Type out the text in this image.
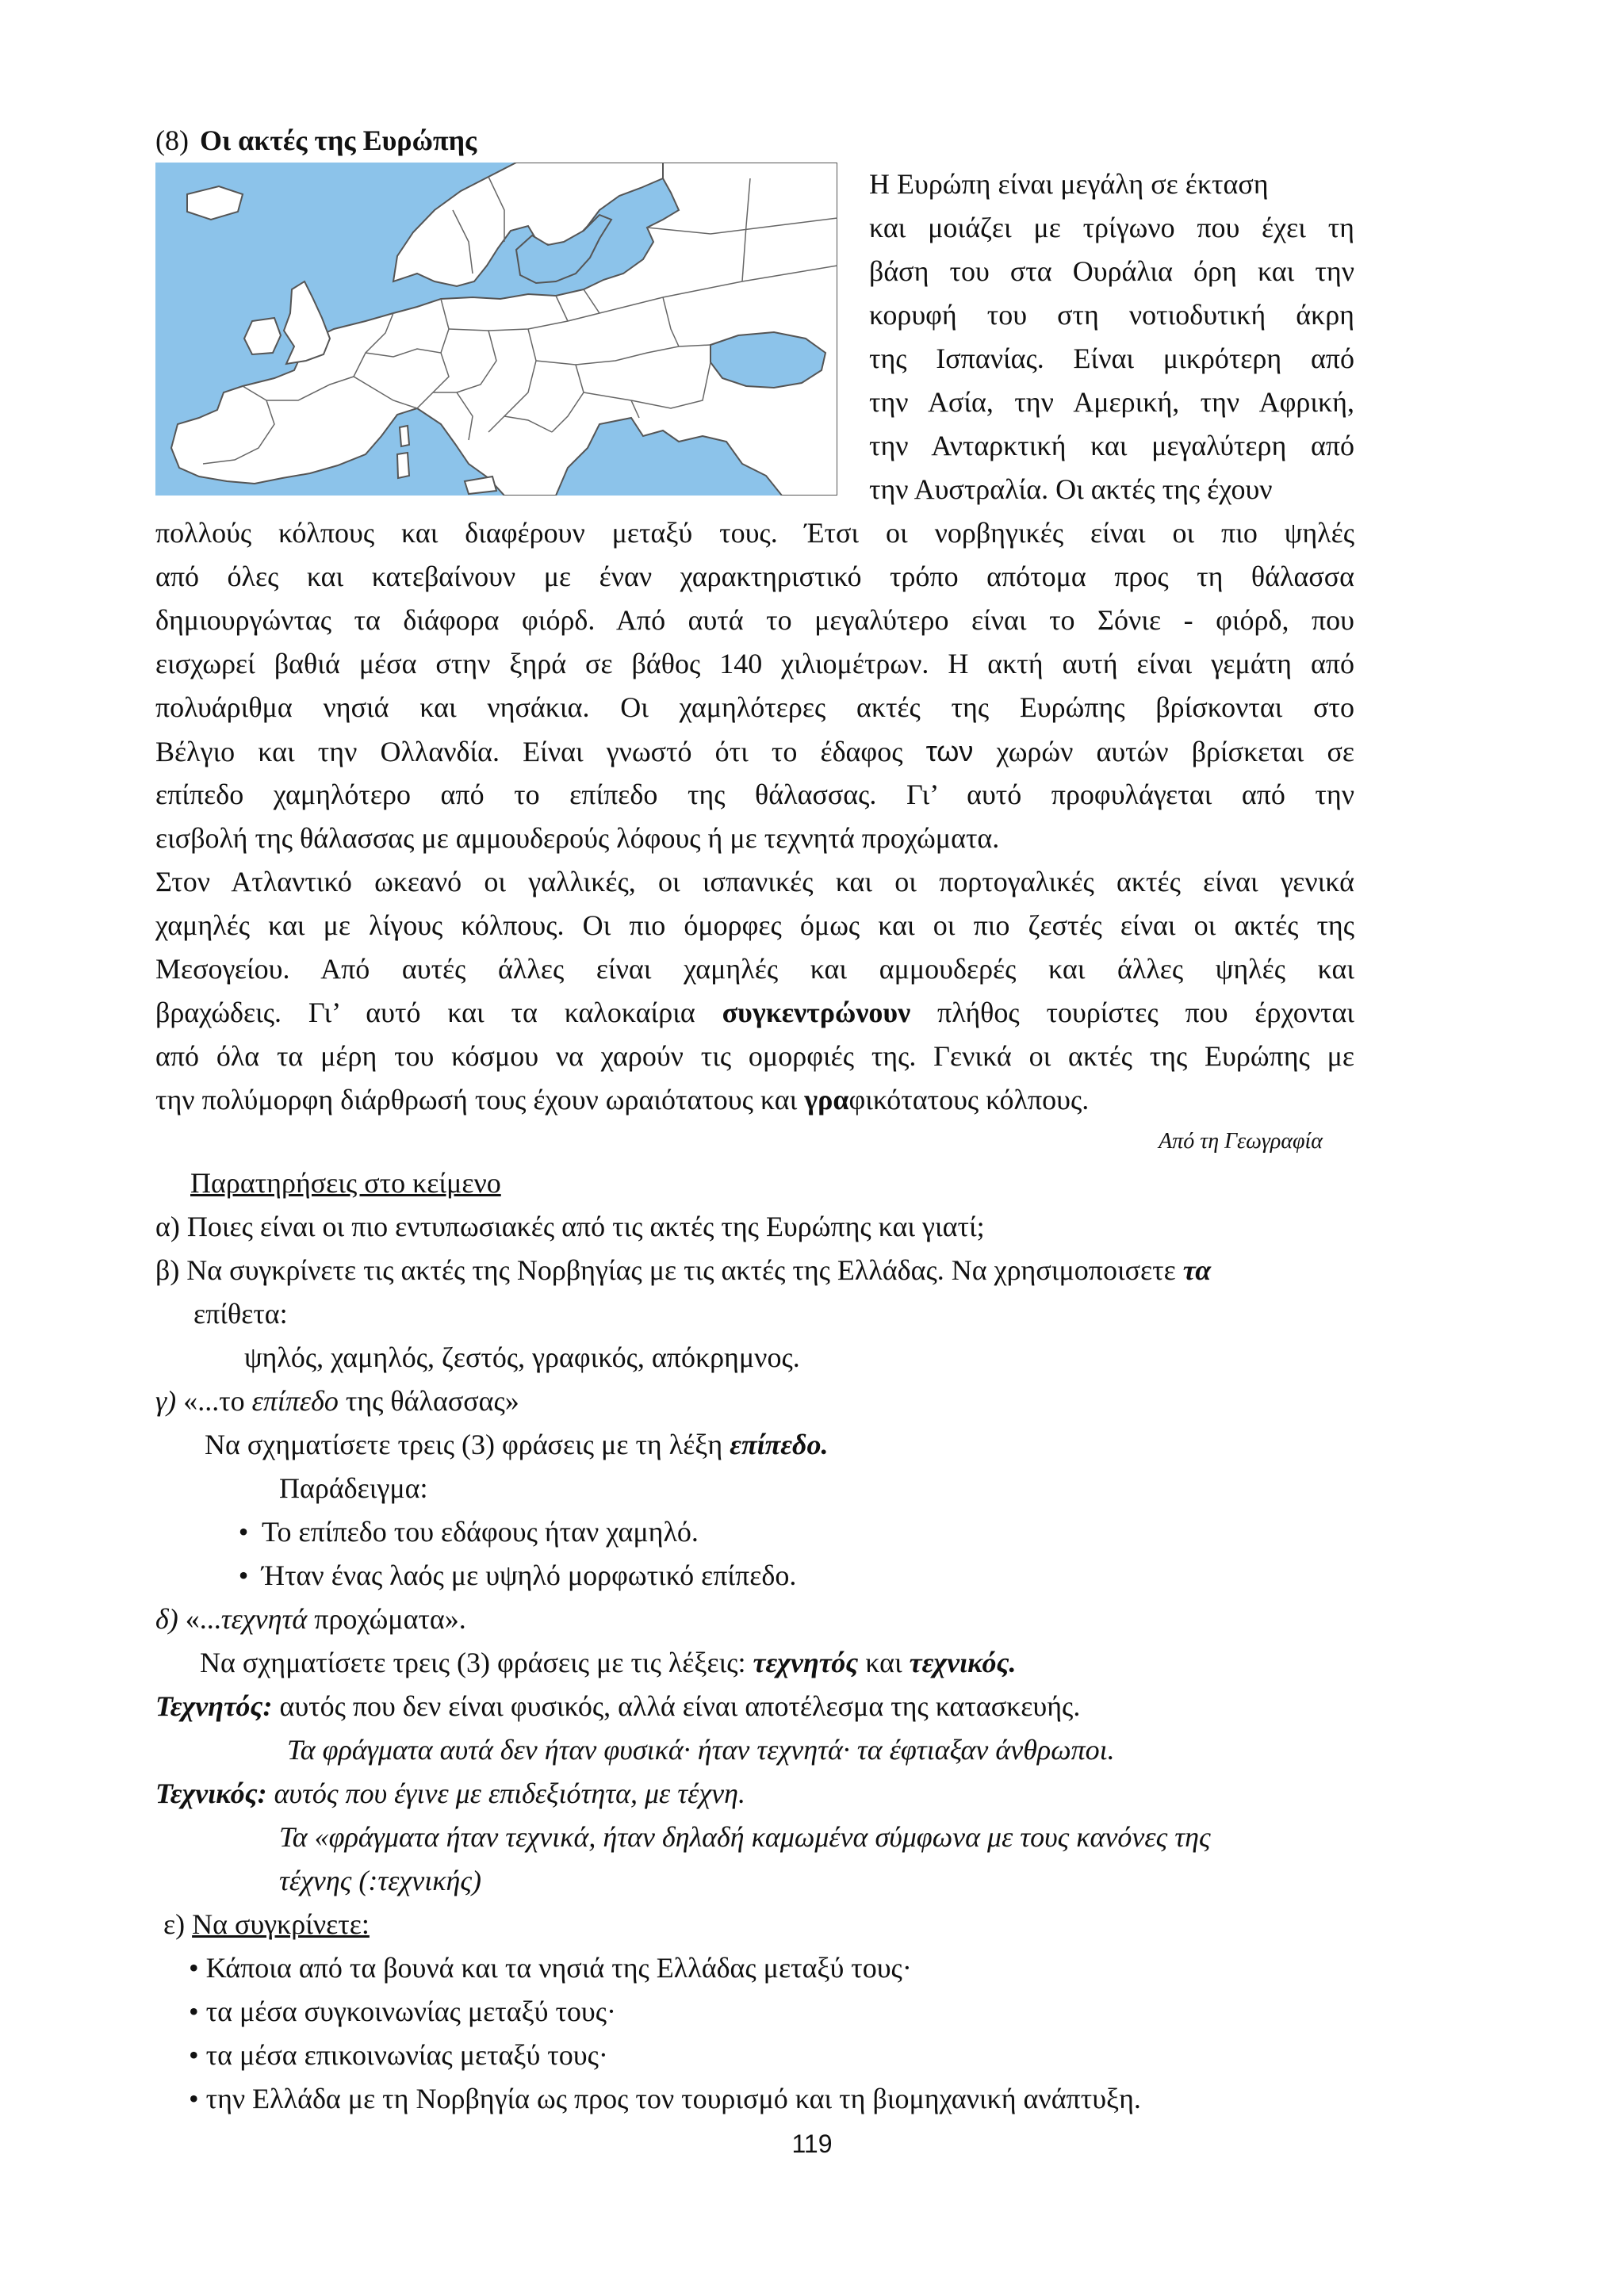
(8) Οι ακτές της Ευρώπης
Η Ευρώπη είναι μεγάλη σε έκταση
και μοιάζει με τρίγωνο που έχει τη
βάση του στα Ουράλια όρη και την
κορυφή του στη νοτιοδυτική άκρη
της Ισπανίας. Είναι μικρότερη από
την Ασία, την Αμερική, την Αφρική,
την Ανταρκτική και μεγαλύτερη από
την Αυστραλία. Οι ακτές της έχουν
πολλούς κόλπους και διαφέρουν μεταξύ τους. Έτσι οι νορβηγικές είναι οι πιο ψηλές
από όλες και κατεβαίνουν με έναν χαρακτηριστικό τρόπο απότομα προς τη θάλασσα
δημιουργώντας τα διάφορα φιόρδ. Από αυτά το μεγαλύτερο είναι το Σόνιε - φιόρδ, που
εισχωρεί βαθιά μέσα στην ξηρά σε βάθος 140 χιλιομέτρων. Η ακτή αυτή είναι γεμάτη από
πολυάριθμα νησιά και νησάκια. Οι χαμηλότερες ακτές της Ευρώπης βρίσκονται στο
Βέλγιο και την Ολλανδία. Είναι γνωστό ότι το έδαφος των χωρών αυτών βρίσκεται σε
επίπεδο χαμηλότερο από το επίπεδο της θάλασσας. Γι’ αυτό προφυλάγεται από την
εισβολή της θάλασσας με αμμουδερούς λόφους ή με τεχνητά προχώματα.
Στον Ατλαντικό ωκεανό οι γαλλικές, οι ισπανικές και οι πορτογαλικές ακτές είναι γενικά
χαμηλές και με λίγους κόλπους. Οι πιο όμορφες όμως και οι πιο ζεστές είναι οι ακτές της
Μεσογείου. Από αυτές άλλες είναι χαμηλές και αμμουδερές και άλλες ψηλές και
βραχώδεις. Γι’ αυτό και τα καλοκαίρια συγκεντρώνουν πλήθος τουρίστες που έρχονται
από όλα τα μέρη του κόσμου να χαρούν τις ομορφιές της. Γενικά οι ακτές της Ευρώπης με
την πολύμορφη διάρθρωσή τους έχουν ωραιότατους και γραφικότατους κόλπους.
Από τη Γεωγραφία
Παρατηρήσεις στο κείμενο
α) Ποιες είναι οι πιο εντυπωσιακές από τις ακτές της Ευρώπης και γιατί;
β) Να συγκρίνετε τις ακτές της Νορβηγίας με τις ακτές της Ελλάδας. Να χρησιμοποισετε τα
επίθετα:
ψηλός, χαμηλός, ζεστός, γραφικός, απόκρημνος.
γ) «...το επίπεδο της θάλασσας»
Να σχηματίσετε τρεις (3) φράσεις με τη λέξη επίπεδο.
Παράδειγμα:
• Το επίπεδο του εδάφους ήταν χαμηλό.
• Ήταν ένας λαός με υψηλό μορφωτικό επίπεδο.
δ) «...τεχνητά προχώματα».
Να σχηματίσετε τρεις (3) φράσεις με τις λέξεις: τεχνητός και τεχνικός.
Τεχνητός: αυτός που δεν είναι φυσικός, αλλά είναι αποτέλεσμα της κατασκευής.
Τα φράγματα αυτά δεν ήταν φυσικά· ήταν τεχνητά· τα έφτιαξαν άνθρωποι.
Τεχνικός: αυτός που έγινε με επιδεξιότητα, με τέχνη.
Τα «φράγματα ήταν τεχνικά, ήταν δηλαδή καμωμένα σύμφωνα με τους κανόνες της
τέχνης (:τεχνικής)
ε) Να συγκρίνετε:
• Κάποια από τα βουνά και τα νησιά της Ελλάδας μεταξύ τους·
• τα μέσα συγκοινωνίας μεταξύ τους·
• τα μέσα επικοινωνίας μεταξύ τους·
• την Ελλάδα με τη Νορβηγία ως προς τον τουρισμό και τη βιομηχανική ανάπτυξη.
119
